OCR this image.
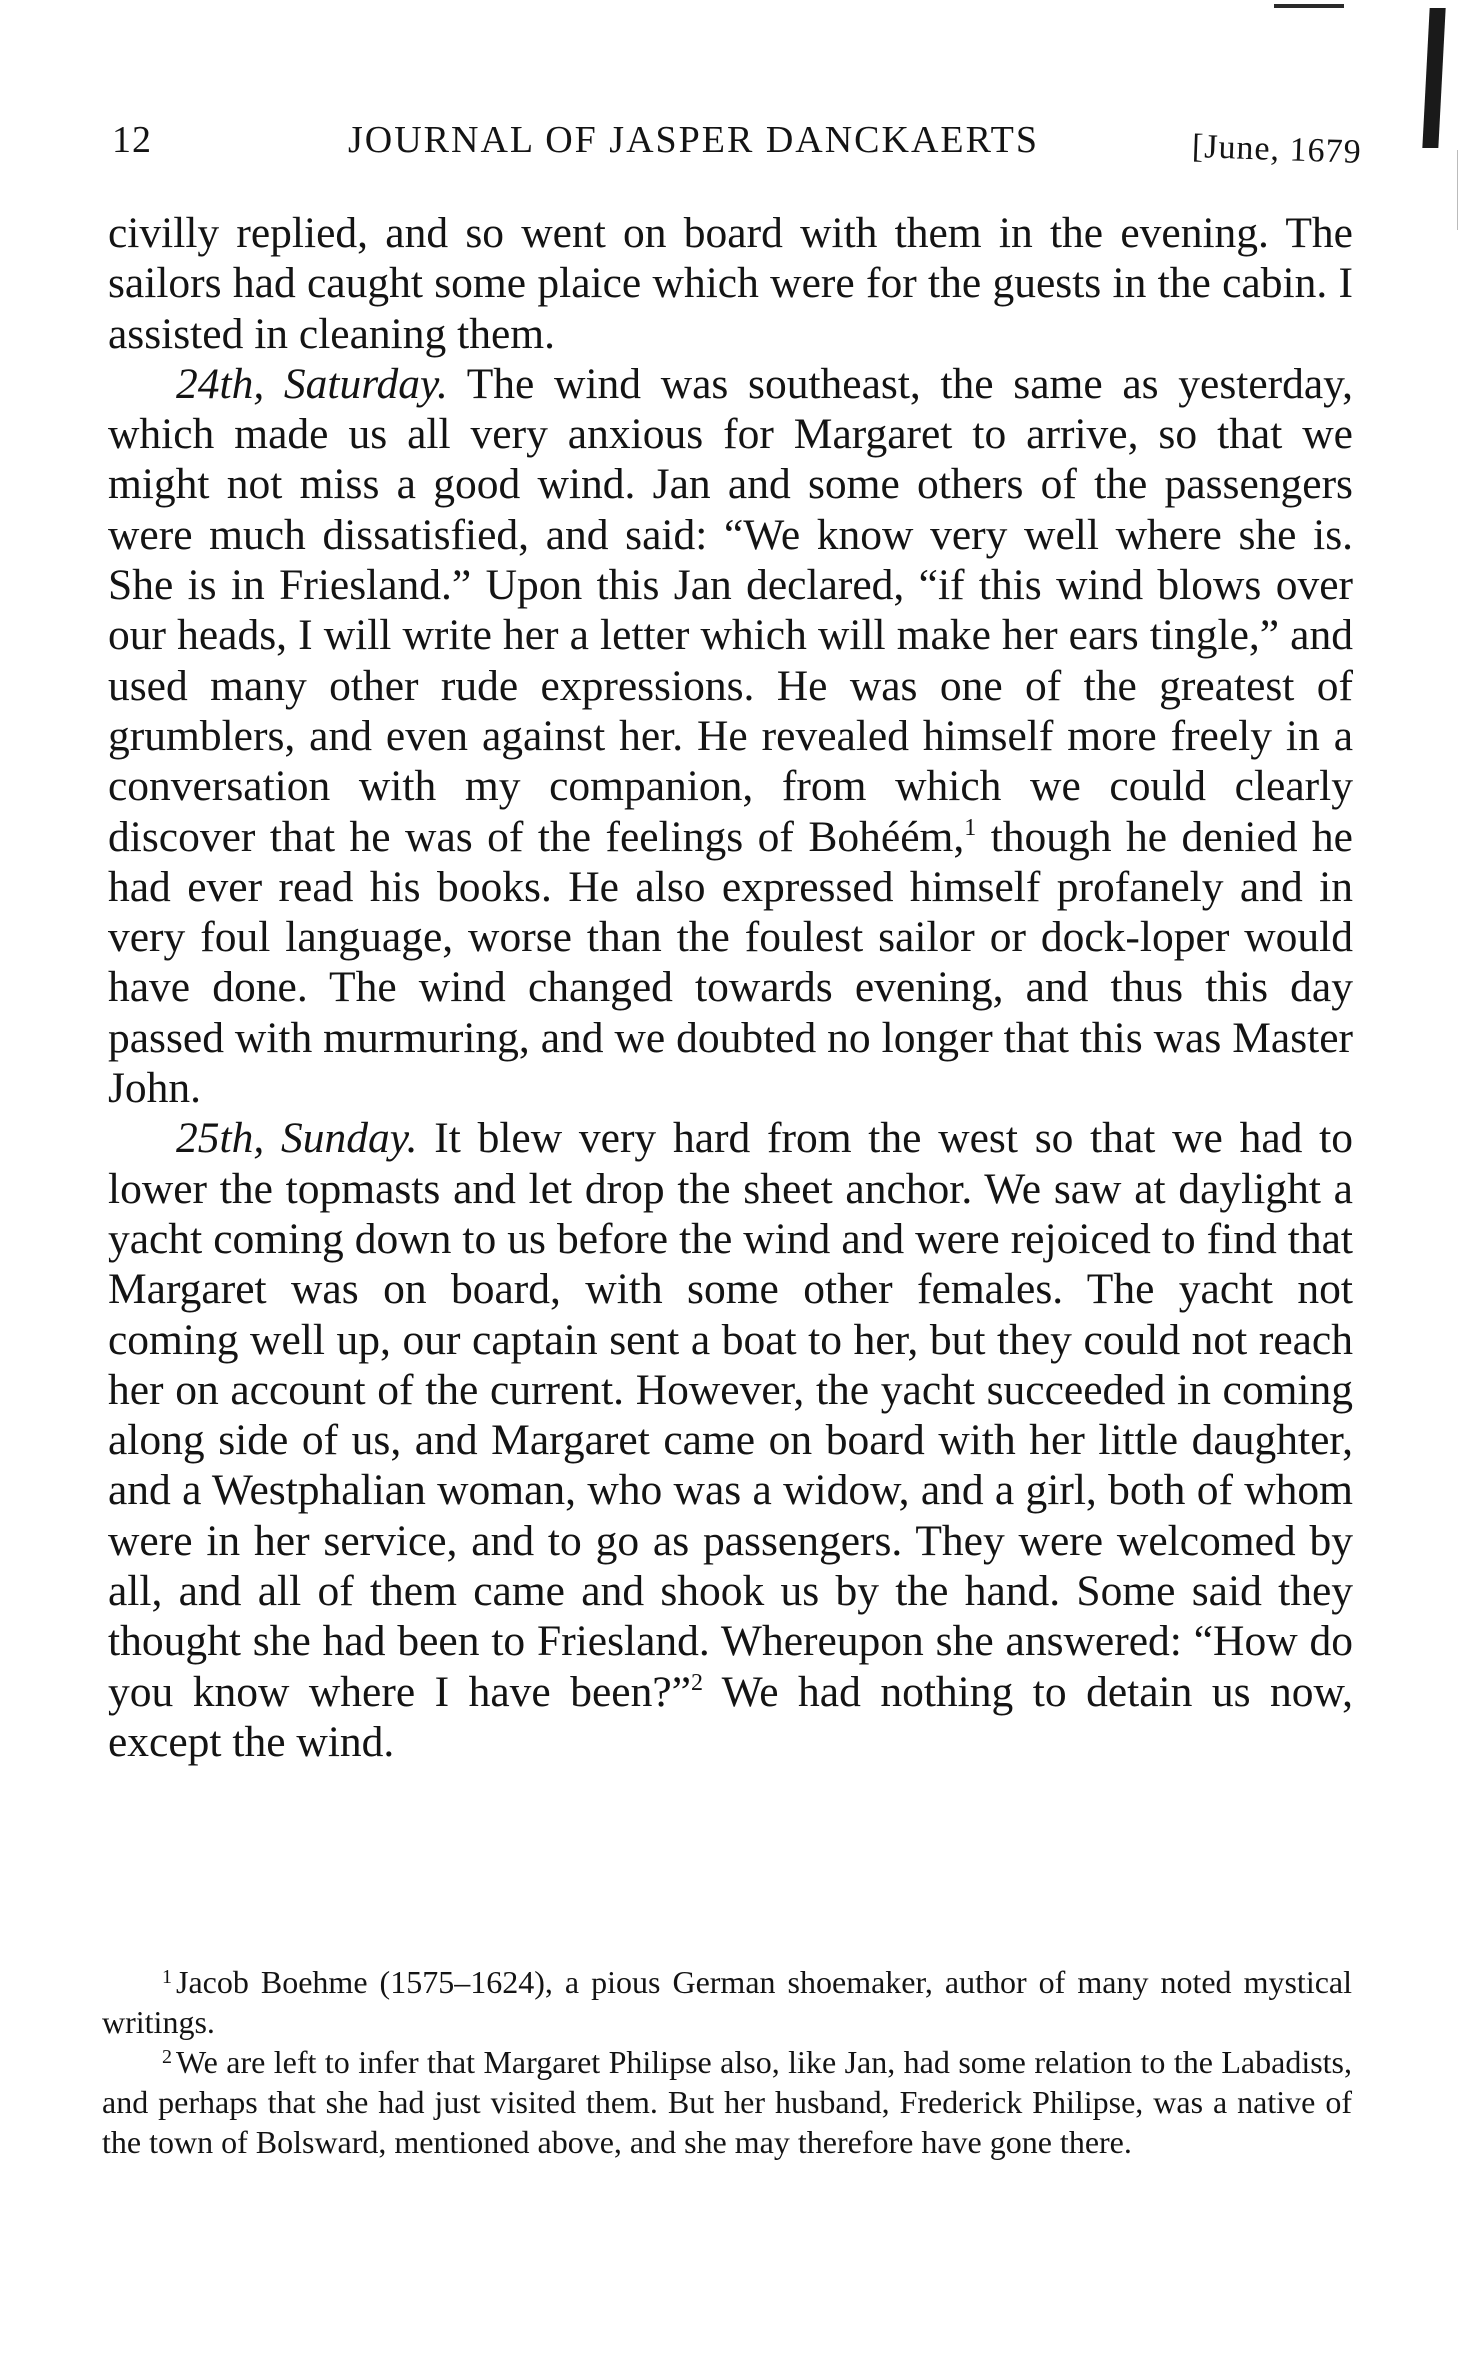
12	JOURNAL OF JASPER DANCKAERTS	[June, 1679

civilly replied, and so went on board with them in the evening. The sailors had caught some plaice which were for the guests in the cabin. I assisted in cleaning them.

24th, Saturday. The wind was southeast, the same as yesterday, which made us all very anxious for Margaret to arrive, so that we might not miss a good wind. Jan and some others of the passengers were much dissatisfied, and said: “We know very well where she is. She is in Friesland.” Upon this Jan declared, “if this wind blows over our heads, I will write her a letter which will make her ears tingle,” and used many other rude expressions. He was one of the greatest of grumblers, and even against her. He revealed himself more freely in a conversation with my companion, from which we could clearly discover that he was of the feelings of Bohéém,$^1$ though he denied he had ever read his books. He also expressed himself profanely and in very foul language, worse than the foulest sailor or dock-loper would have done. The wind changed towards evening, and thus this day passed with murmuring, and we doubted no longer that this was Master John.

25th, Sunday. It blew very hard from the west so that we had to lower the topmasts and let drop the sheet anchor. We saw at daylight a yacht coming down to us before the wind and were rejoiced to find that Margaret was on board, with some other females. The yacht not coming well up, our captain sent a boat to her, but they could not reach her on account of the current. However, the yacht succeeded in coming along side of us, and Margaret came on board with her little daughter, and a Westphalian woman, who was a widow, and a girl, both of whom were in her service, and to go as passengers. They were welcomed by all, and all of them came and shook us by the hand. Some said they thought she had been to Friesland. Whereupon she answered: “How do you know where I have been?”$^2$ We had nothing to detain us now, except the wind.

$^1$ Jacob Boehme (1575–1624), a pious German shoemaker, author of many noted mystical writings.

$^2$ We are left to infer that Margaret Philipse also, like Jan, had some relation to the Labadists, and perhaps that she had just visited them. But her husband, Frederick Philipse, was a native of the town of Bolsward, mentioned above, and she may therefore have gone there.
